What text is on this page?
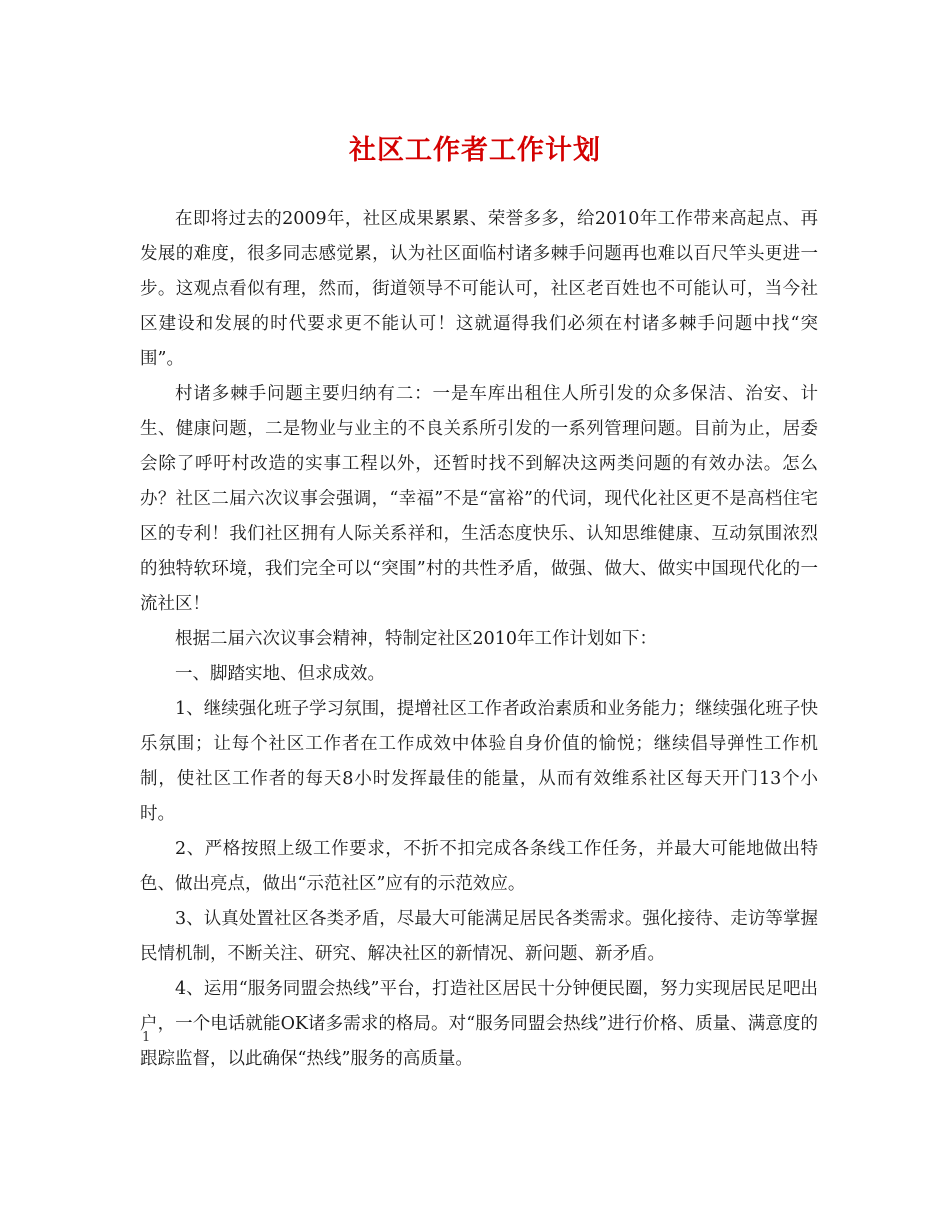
社区工作者工作计划

在即将过去的2009年，社区成果累累、荣誉多多，给2010年工作带来高起点、再发展的难度，很多同志感觉累，认为社区面临村诸多棘手问题再也难以百尺竿头更进一步。这观点看似有理，然而，街道领导不可能认可，社区老百姓也不可能认可，当今社区建设和发展的时代要求更不能认可！这就逼得我们必须在村诸多棘手问题中找“突围”。

村诸多棘手问题主要归纳有二：一是车库出租住人所引发的众多保洁、治安、计生、健康问题，二是物业与业主的不良关系所引发的一系列管理问题。目前为止，居委会除了呼吁村改造的实事工程以外，还暂时找不到解决这两类问题的有效办法。怎么办？社区二届六次议事会强调，“幸福”不是“富裕”的代词，现代化社区更不是高档住宅区的专利！我们社区拥有人际关系祥和，生活态度快乐、认知思维健康、互动氛围浓烈的独特软环境，我们完全可以“突围”村的共性矛盾，做强、做大、做实中国现代化的一流社区！

根据二届六次议事会精神，特制定社区2010年工作计划如下：

一、脚踏实地、但求成效。

1、继续强化班子学习氛围，提增社区工作者政治素质和业务能力；继续强化班子快乐氛围；让每个社区工作者在工作成效中体验自身价值的愉悦；继续倡导弹性工作机制，使社区工作者的每天8小时发挥最佳的能量，从而有效维系社区每天开门13个小时。

2、严格按照上级工作要求，不折不扣完成各条线工作任务，并最大可能地做出特色、做出亮点，做出“示范社区”应有的示范效应。

3、认真处置社区各类矛盾，尽最大可能满足居民各类需求。强化接待、走访等掌握民情机制，不断关注、研究、解决社区的新情况、新问题、新矛盾。

4、运用“服务同盟会热线”平台，打造社区居民十分钟便民圈，努力实现居民足吧出户，一个电话就能OK诸多需求的格局。对“服务同盟会热线”进行价格、质量、满意度的跟踪监督，以此确保“热线”服务的高质量。

1
